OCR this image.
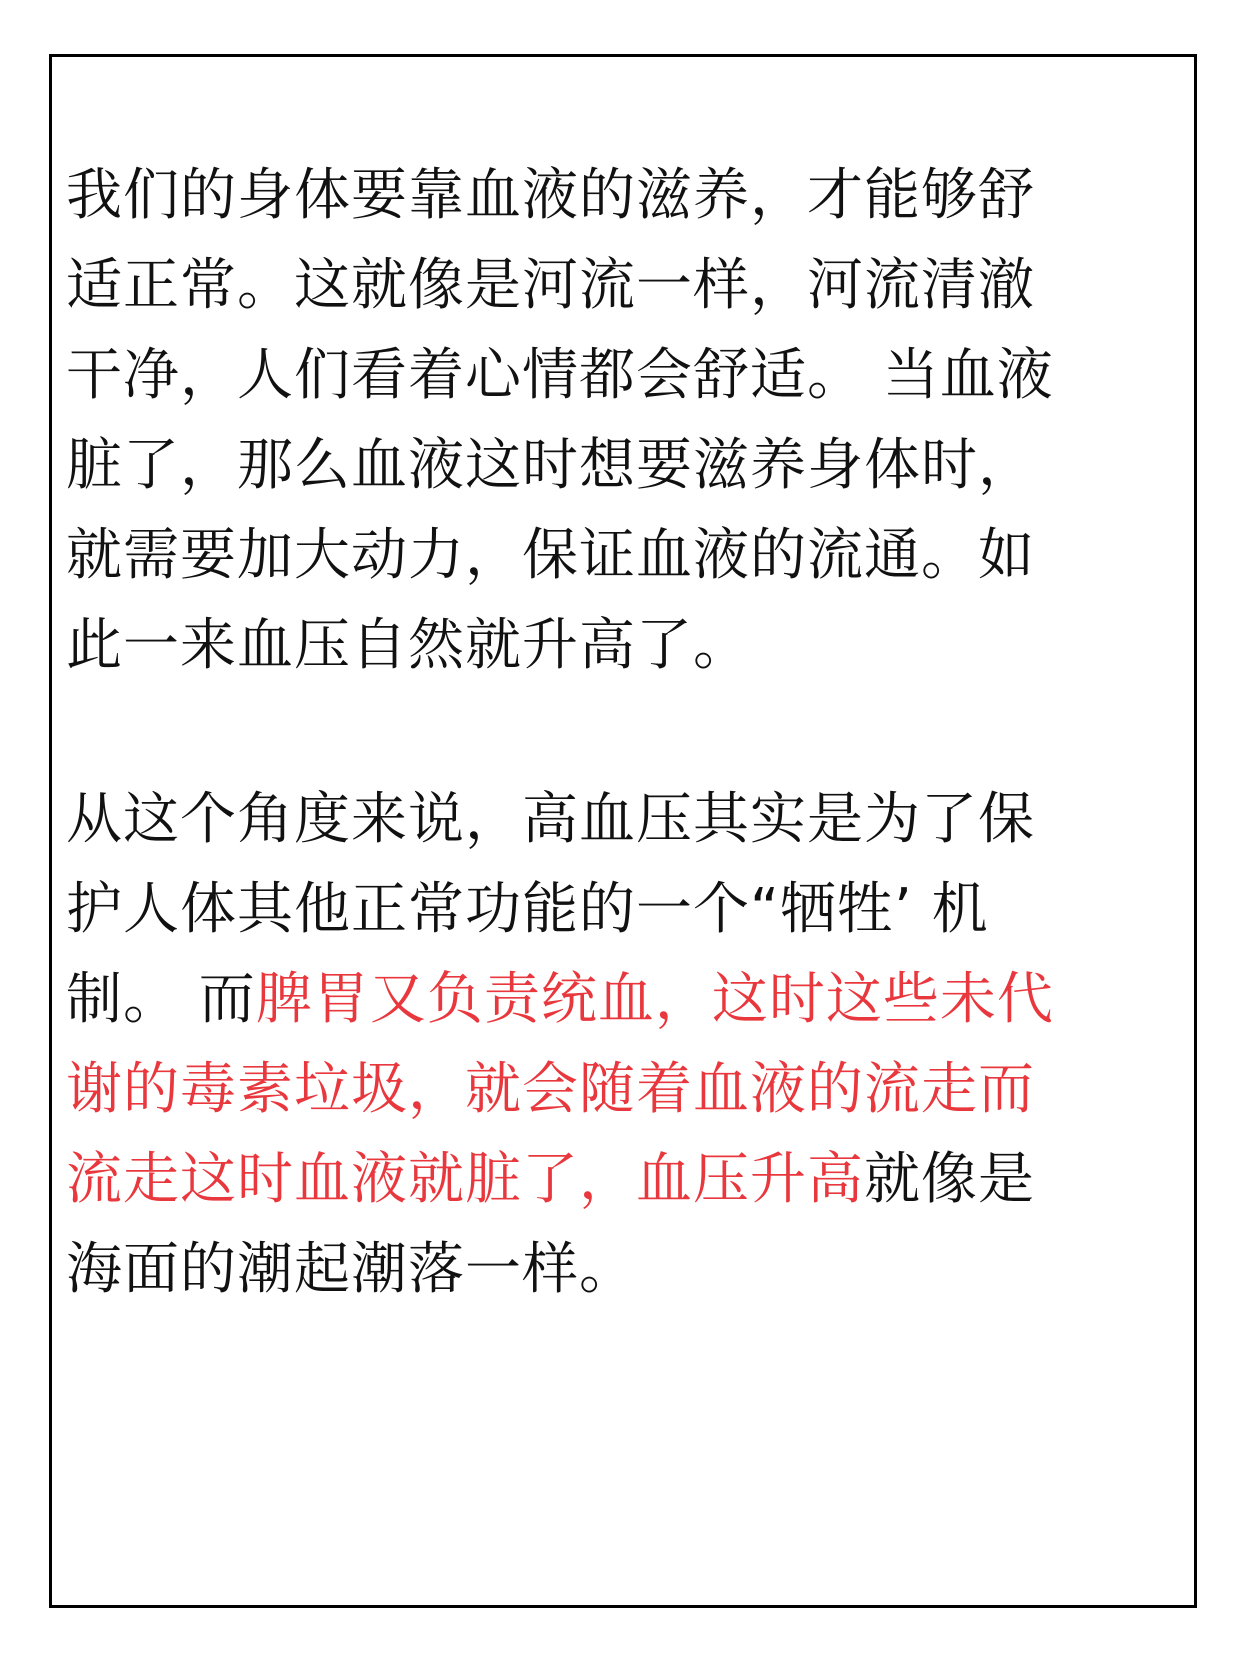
我们的身体要靠血液的滋养，才能够舒
适正常。这就像是河流一样，河流清澈
干净，人们看着心情都会舒适。 当血液
脏了，那么血液这时想要滋养身体时，
就需要加大动力，保证血液的流通。如
此一来血压自然就升高了。
从这个角度来说，高血压其实是为了保
护人体其他正常功能的一个“牺牲’ 机
制。 而脾胃又负责统血，这时这些未代
谢的毒素垃圾，就会随着血液的流走而
流走这时血液就脏了，血压升高就像是
海面的潮起潮落一样。
